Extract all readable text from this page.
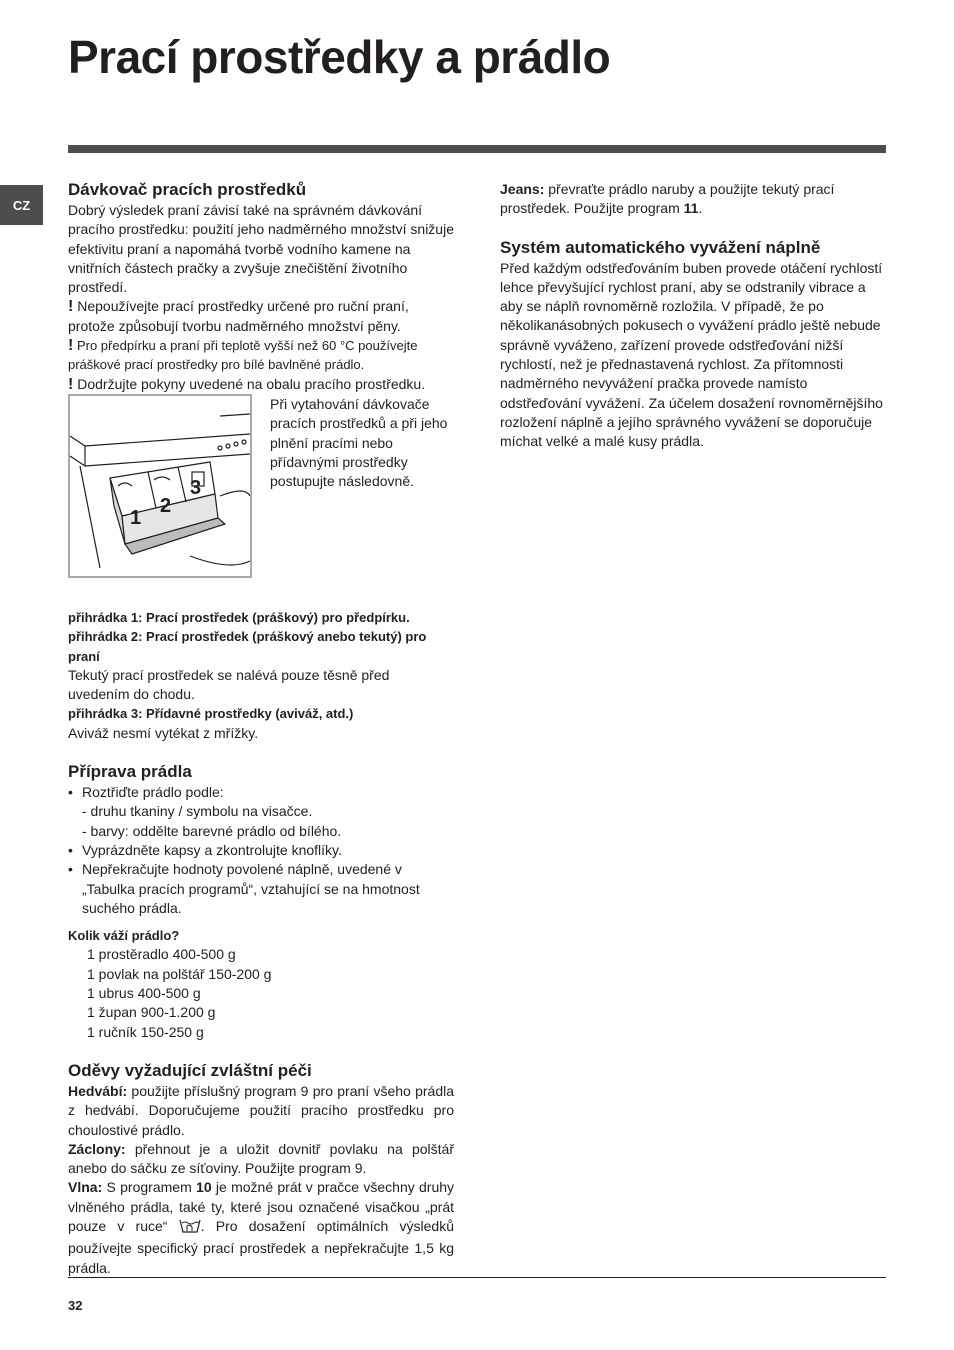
Prací prostředky a prádlo
CZ
Dávkovač pracích prostředků

Dobrý výsledek praní závisí také na správném dávkování pracího prostředku: použití jeho nadměrného množství snižuje efektivitu praní a napomáhá tvorbě vodního kamene na vnitřních částech pračky a zvyšuje znečištění životního prostředí.

! Nepoužívejte prací prostředky určené pro ruční praní, protože způsobují tvorbu nadměrného množství pěny.

! Pro předpírku a praní při teplotě vyšší než 60 °C používejte práškové prací prostředky pro bílé bavlněné prádlo.

! Dodržujte pokyny uvedené na obalu pracího prostředku.

1
2
3

Při vytahování dávkovače pracích prostředků a při jeho plnění pracími nebo přídavnými prostředky postupujte následovně.

přihrádka 1: Prací prostředek (práškový) pro předpírku.

přihrádka 2: Prací prostředek (práškový anebo tekutý) pro praní

Tekutý prací prostředek se nalévá pouze těsně před uvedením do chodu.

přihrádka 3: Přídavné prostředky (aviváž, atd.)

Aviváž nesmí vytékat z mřížky.

Příprava prádla
• Roztřiďte prádlo podle:

- druhu tkaniny / symbolu na visačce.

- barvy: oddělte barevné prádlo od bílého.

• Vyprázdněte kapsy a zkontrolujte knoflíky.
• Nepřekračujte hodnoty povolené náplně, uvedené v „Tabulka pracích programů“, vztahující se na hmotnost suchého prádla.

Kolik váží prádlo?

1 prostěradlo 400-500 g

1 povlak na polštář 150-200 g

1 ubrus 400-500 g

1 župan 900-1.200 g

1 ručník 150-250 g

Oděvy vyžadující zvláštní péči

Hedvábí: použijte příslušný program 9 pro praní všeho prádla z hedvábí. Doporučujeme použití pracího prostředku pro choulostivé prádlo.

Záclony: přehnout je a uložit dovnitř povlaku na polštář anebo do sáčku ze síťoviny. Použijte program 9.

Vlna: S programem 10 je možné prát v pračce všechny druhy vlněného prádla, také ty, které jsou označené visačkou „prát pouze v ruce“ . Pro dosažení optimálních výsledků používejte specifický prací prostředek a nepřekračujte 1,5 kg prádla.

Jeans: převraťte prádlo naruby a použijte tekutý prací prostředek. Použijte program 11.

Systém automatického vyvážení náplně

Před každým odstřeďováním buben provede otáčení rychlostí lehce převyšující rychlost praní, aby se odstranily vibrace a aby se náplň rovnoměrně rozložila. V případě, že po několikanásobných pokusech o vyvážení prádlo ještě nebude správně vyváženo, zařízení provede odstřeďování nižší rychlostí, než je přednastavená rychlost. Za přítomnosti nadměrného nevyvážení pračka provede namísto odstřeďování vyvážení. Za účelem dosažení rovnoměrnějšího rozložení náplně a jejího správného vyvážení se doporučuje míchat velké a malé kusy prádla.

32
